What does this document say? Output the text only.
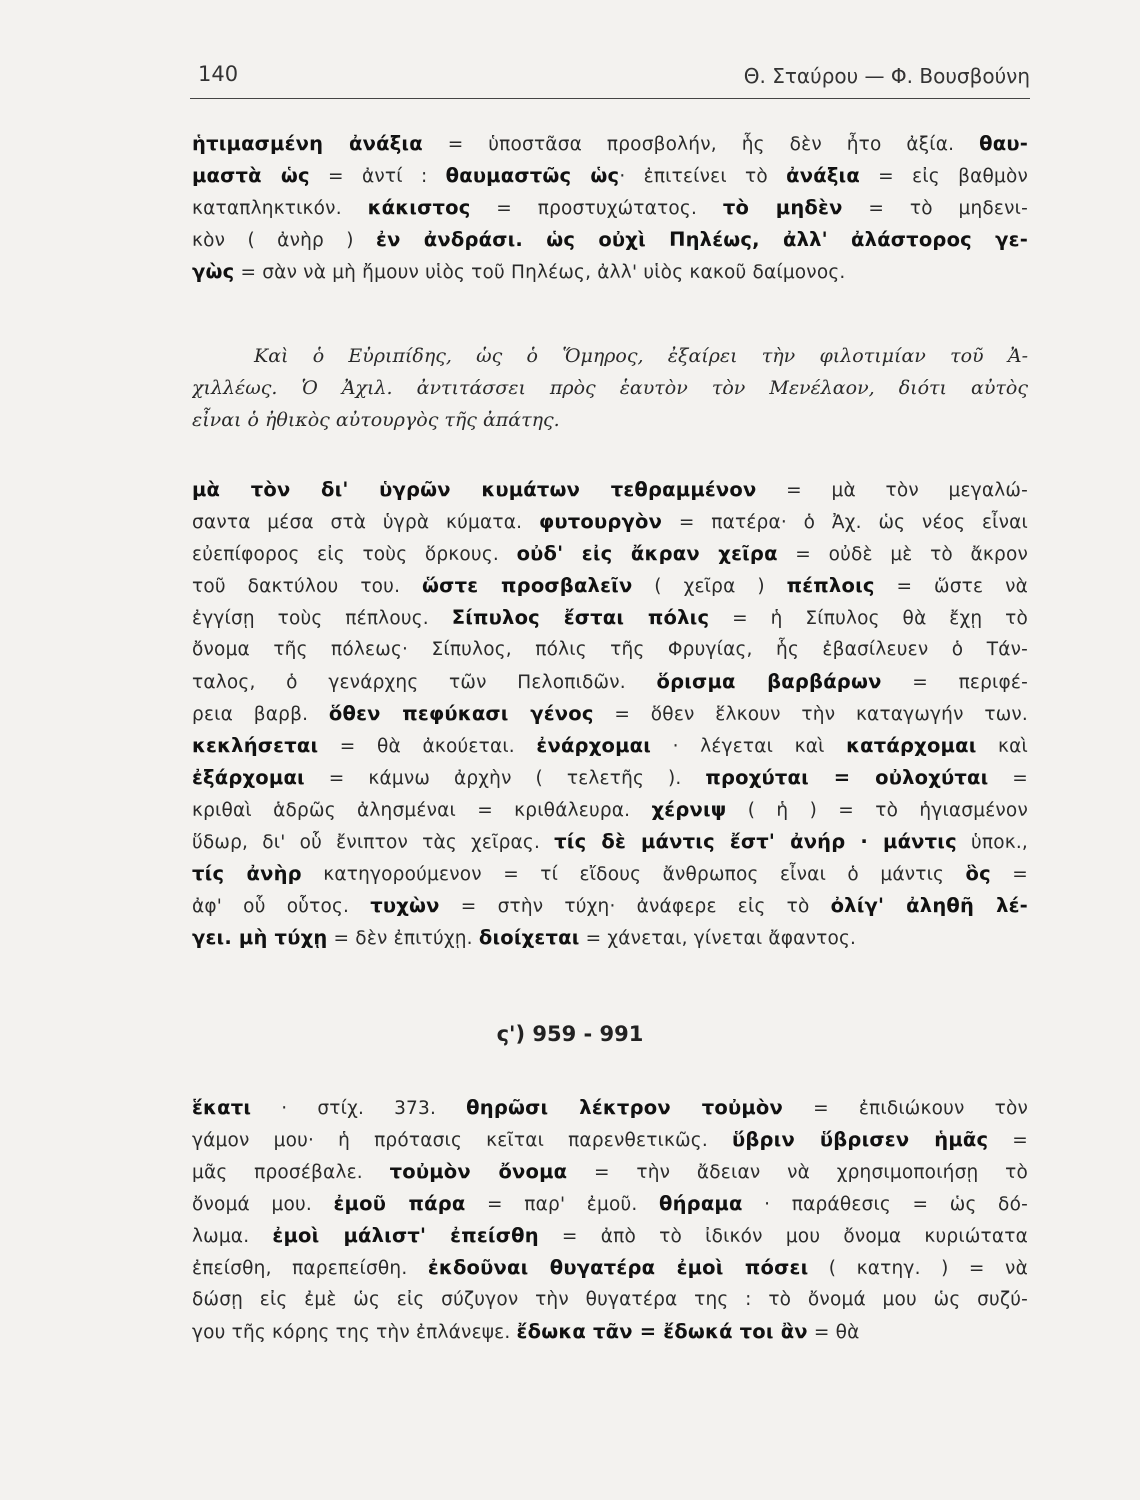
140	Θ. Σταύρου — Φ. Βουσβούνη
ἡτιμασμένη ἀνάξια = ὑποστᾶσα προσβολήν, ἧς δὲν ἦτο ἀξία. θαυ-
μαστὰ ὡς = ἀντί : θαυμαστῶς ὡς· ἐπιτείνει τὸ ἀνάξια = εἰς βαθμὸν
καταπληκτικόν. κάκιστος = προστυχώτατος. τὸ μηδὲν = τὸ μηδενι-
κὸν ( ἀνὴρ ) ἐν ἀνδράσι. ὡς οὐχὶ Πηλέως, ἀλλ' ἀλάστορος γε-
γὼς = σὰν νὰ μὴ ἤμουν υἱὸς τοῦ Πηλέως, ἀλλ' υἱὸς κακοῦ δαίμονος.
Καὶ ὁ Εὐριπίδης, ὡς ὁ Ὅμηρος, ἐξαίρει τὴν φιλοτιμίαν τοῦ Ἀ-
χιλλέως. Ὁ Ἀχιλ. ἀντιτάσσει πρὸς ἑαυτὸν τὸν Μενέλαον, διότι αὐτὸς
εἶναι ὁ ἠθικὸς αὐτουργὸς τῆς ἀπάτης.
μὰ τὸν δι' ὑγρῶν κυμάτων τεθραμμένον = μὰ τὸν μεγαλώ-
σαντα μέσα στὰ ὑγρὰ κύματα. φυτουργὸν = πατέρα· ὁ Ἀχ. ὡς νέος εἶναι
εὐεπίφορος εἰς τοὺς ὅρκους. οὐδ' εἰς ἄκραν χεῖρα = οὐδὲ μὲ τὸ ἄκρον
τοῦ δακτύλου του. ὥστε προσβαλεῖν ( χεῖρα ) πέπλοις = ὥστε νὰ
ἐγγίσῃ τοὺς πέπλους. Σίπυλος ἔσται πόλις = ἡ Σίπυλος θὰ ἔχῃ τὸ
ὄνομα τῆς πόλεως· Σίπυλος, πόλις τῆς Φρυγίας, ἧς ἐβασίλευεν ὁ Τάν-
ταλος, ὁ γενάρχης τῶν Πελοπιδῶν. ὅρισμα βαρβάρων = περιφέ-
ρεια βαρβ. ὅθεν πεφύκασι γένος = ὅθεν ἕλκουν τὴν καταγωγήν των.
κεκλήσεται = θὰ ἀκούεται. ἐνάρχομαι · λέγεται καὶ κατάρχομαι καὶ
ἐξάρχομαι = κάμνω ἀρχὴν ( τελετῆς ). προχύται = οὐλοχύται =
κριθαὶ ἁδρῶς ἀλησμέναι = κριθάλευρα. χέρνιψ ( ἡ ) = τὸ ἡγιασμένον
ὕδωρ, δι' οὗ ἔνιπτον τὰς χεῖρας. τίς δὲ μάντις ἔστ' ἀνήρ · μάντις ὑποκ.,
τίς ἀνὴρ κατηγορούμενον = τί εἴδους ἄνθρωπος εἶναι ὁ μάντις ὃς =
ἀφ' οὗ οὗτος. τυχὼν = στὴν τύχη· ἀνάφερε εἰς τὸ ὀλίγ' ἀληθῆ λέ-
γει. μὴ τύχῃ = δὲν ἐπιτύχῃ. διοίχεται = χάνεται, γίνεται ἄφαντος.
ς') 959 - 991
ἕκατι · στίχ. 373. θηρῶσι λέκτρον τοὐμὸν = ἐπιδιώκουν τὸν
γάμον μου· ἡ πρότασις κεῖται παρενθετικῶς. ὕβριν ὕβρισεν ἡμᾶς =
μᾶς προσέβαλε. τοὐμὸν ὄνομα = τὴν ἄδειαν νὰ χρησιμοποιήσῃ τὸ
ὄνομά μου. ἐμοῦ πάρα = παρ' ἐμοῦ. θήραμα · παράθεσις = ὡς δό-
λωμα. ἐμοὶ μάλιστ' ἐπείσθη = ἀπὸ τὸ ἰδικόν μου ὄνομα κυριώτατα
ἐπείσθη, παρεπείσθη. ἐκδοῦναι θυγατέρα ἐμοὶ πόσει ( κατηγ. ) = νὰ
δώσῃ εἰς ἐμὲ ὡς εἰς σύζυγον τὴν θυγατέρα της : τὸ ὄνομά μου ὡς συζύ-
γου τῆς κόρης της τὴν ἐπλάνεψε. ἔδωκα τᾶν = ἔδωκά τοι ἂν = θὰ
